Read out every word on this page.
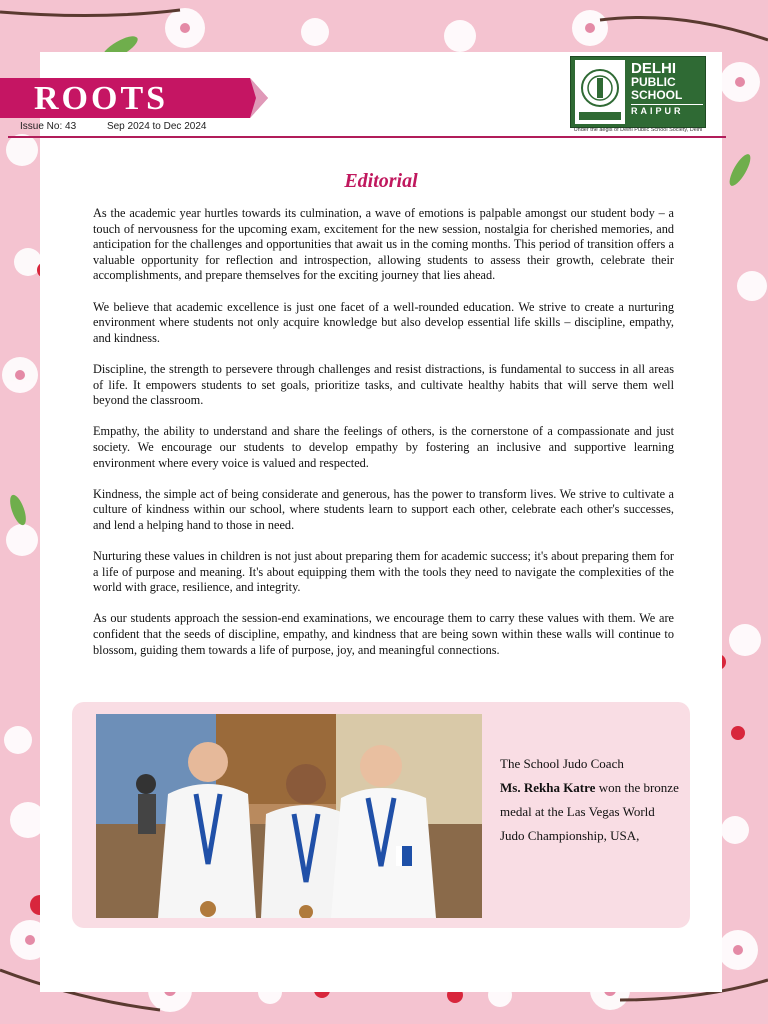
ROOTS
Issue No: 43	Sep 2024 to Dec 2024
DELHI
PUBLIC
SCHOOL
RAIPUR
Under the aegis of Delhi Public School Society, Delhi
Editorial

As the academic year hurtles towards its culmination, a wave of emotions is palpable amongst our student body – a touch of nervousness for the upcoming exam, excitement for the new session, nostalgia for cherished memories, and anticipation for the challenges and opportunities that await us in the coming months. This period of transition offers a valuable opportunity for reflection and introspection, allowing students to assess their growth, celebrate their accomplishments, and prepare themselves for the exciting journey that lies ahead.

We believe that academic excellence is just one facet of a well-rounded education. We strive to create a nurturing environment where students not only acquire knowledge but also develop essential life skills – discipline, empathy, and kindness.

Discipline, the strength to persevere through challenges and resist distractions, is fundamental to success in all areas of life. It empowers students to set goals, prioritize tasks, and cultivate healthy habits that will serve them well beyond the classroom.

Empathy, the ability to understand and share the feelings of others, is the cornerstone of a compassionate and just society. We encourage our students to develop empathy by fostering an inclusive and supportive learning environment where every voice is valued and respected.

Kindness, the simple act of being considerate and generous, has the power to transform lives. We strive to cultivate a culture of kindness within our school, where students learn to support each other, celebrate each other's successes, and lend a helping hand to those in need.

Nurturing these values in children is not just about preparing them for academic success; it's about preparing them for a life of purpose and meaning. It's about equipping them with the tools they need to navigate the complexities of the world with grace, resilience, and integrity.

As our students approach the session-end examinations, we encourage them to carry these values with them. We are confident that the seeds of discipline, empathy, and kindness that are being sown within these walls will continue to blossom, guiding them towards a life of purpose, joy, and meaningful connections.

The School Judo Coach
Ms. Rekha Katre won the bronze medal at the Las Vegas World Judo Championship, USA,
